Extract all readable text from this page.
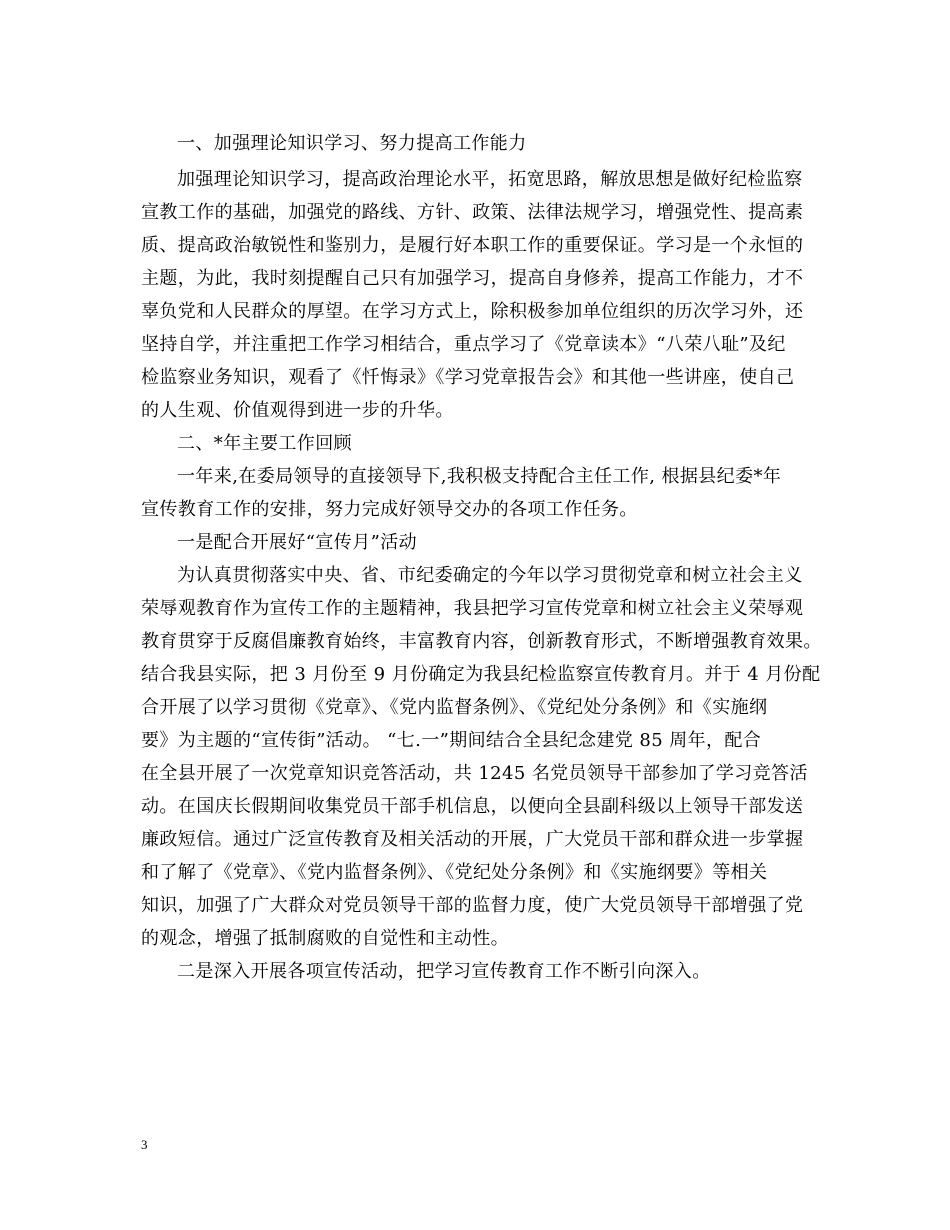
一、加强理论知识学习、努力提高工作能力
加强理论知识学习，提高政治理论水平，拓宽思路，解放思想是做好纪检监察
宣教工作的基础，加强党的路线、方针、政策、法律法规学习，增强党性、提高素
质、提高政治敏锐性和鉴别力，是履行好本职工作的重要保证。学习是一个永恒的
主题，为此，我时刻提醒自己只有加强学习，提高自身修养，提高工作能力，才不
辜负党和人民群众的厚望。在学习方式上，除积极参加单位组织的历次学习外，还
坚持自学，并注重把工作学习相结合，重点学习了《党章读本》“八荣八耻”及纪
检监察业务知识，观看了《忏悔录》《学习党章报告会》和其他一些讲座，使自己
的人生观、价值观得到进一步的升华。
二、*年主要工作回顾
一年来,在委局领导的直接领导下,我积极支持配合主任工作, 根据县纪委*年
宣传教育工作的安排，努力完成好领导交办的各项工作任务。
一是配合开展好“宣传月”活动
为认真贯彻落实中央、省、市纪委确定的今年以学习贯彻党章和树立社会主义
荣辱观教育作为宣传工作的主题精神，我县把学习宣传党章和树立社会主义荣辱观
教育贯穿于反腐倡廉教育始终，丰富教育内容，创新教育形式，不断增强教育效果。
结合我县实际，把 3 月份至 9 月份确定为我县纪检监察宣传教育月。并于 4 月份配
合开展了以学习贯彻《党章》、《党内监督条例》、《党纪处分条例》和《实施纲
要》为主题的“宣传街”活动。 “七.一”期间结合全县纪念建党 85 周年，配合
在全县开展了一次党章知识竞答活动，共 1245 名党员领导干部参加了学习竞答活
动。在国庆长假期间收集党员干部手机信息，以便向全县副科级以上领导干部发送
廉政短信。通过广泛宣传教育及相关活动的开展，广大党员干部和群众进一步掌握
和了解了《党章》、《党内监督条例》、《党纪处分条例》和《实施纲要》等相关
知识，加强了广大群众对党员领导干部的监督力度，使广大党员领导干部增强了党
的观念，增强了抵制腐败的自觉性和主动性。
二是深入开展各项宣传活动，把学习宣传教育工作不断引向深入。
3
